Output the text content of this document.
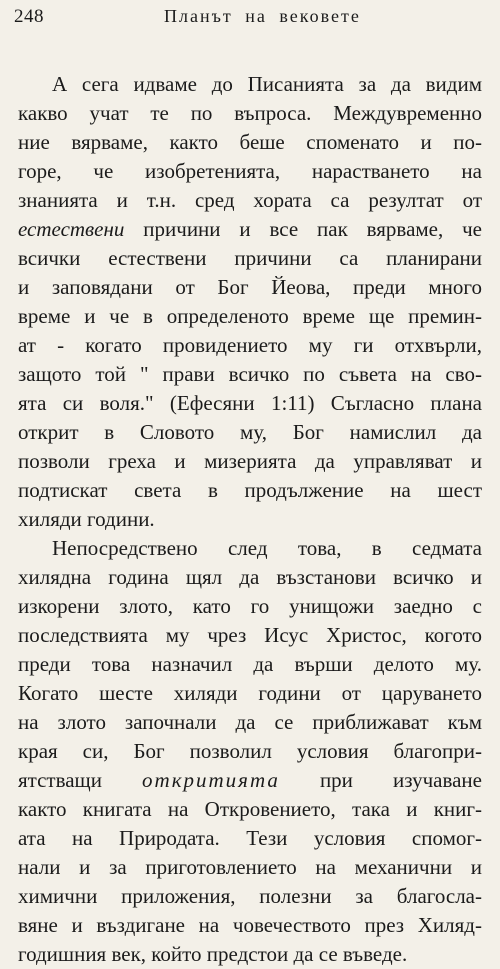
248	Планът на вековете
А сега идваме до Писанията за да видим
какво учат те по въпроса. Междувременно
ние вярваме, както беше споменато и по-
горе, че изобретенията, нарастването на
знанията и т.н. сред хората са резултат от
естествени причини и все пак вярваме, че
всички естествени причини са планирани
и заповядани от Бог Йеова, преди много
време и че в определеното време ще премин-
ат - когато провидението му ги отхвърли,
защото той " прави всичко по съвета на сво-
ята си воля." (Ефесяни 1:11) Съгласно плана
открит в Словото му, Бог намислил да
позволи греха и мизерията да управляват и
подтискат света в продължение на шест
хиляди години.
Непосредствено след това, в седмата
хилядна година щял да възстанови всичко и
изкорени злото, като го унищожи заедно с
последствията му чрез Исус Христос, когото
преди това назначил да върши делото му.
Когато шесте хиляди години от царуването
на злото започнали да се приближават към
края си, Бог позволил условия благопри-
ятстващи откритията при изучаване
както книгата на Откровението, така и книг-
ата на Природата. Тези условия спомог-
нали и за приготовлението на механични и
химични приложения, полезни за благосла-
вяне и въздигане на човечеството през Хиляд-
годишния век, който предстои да се въведе.
